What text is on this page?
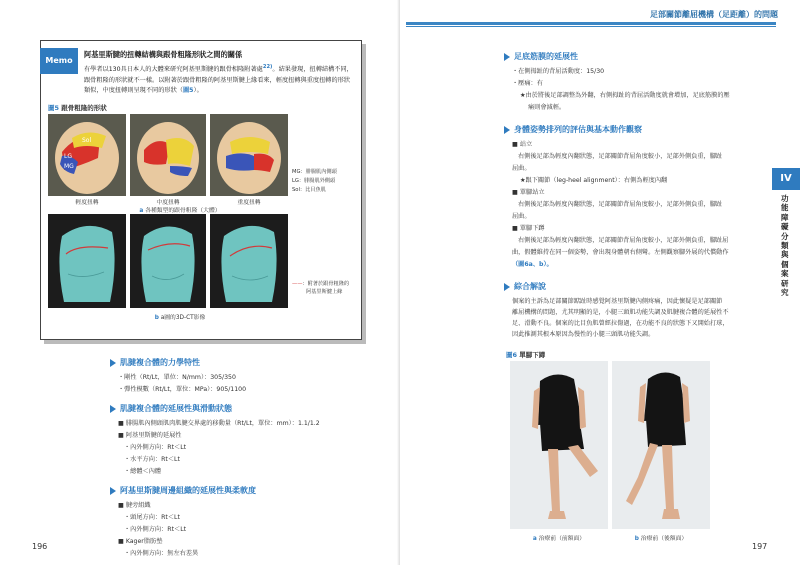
Memo
阿基里斯腱的扭轉結構與跟骨粗隆形狀之間的關係
有學者以130具日本人的大體來研究阿基里斯腱的跟骨相隆附著處$^{22)}$。結果發現，扭轉結構不同，跟骨粗隆的形狀就不一樣。以附著於跟骨粗隆的阿基里斯腱上緣看來，輕度扭轉與重度扭轉的形狀類似，中度扭轉則呈現不同的形狀（圖5）。
圖5 跟骨粗隆的形狀
Sol
LG
MG
輕度扭轉	中度扭轉	重度扭轉
MG：腓腸肌內側頭
LG：腓腸肌外側頭
Sol：比目魚肌
a 各種類型的跟骨粗隆（大體）
——：附著於跟骨粗隆的
阿基里斯腱上緣
b a圖的3D-CT影像
肌腱複合體的力學特性
・剛性（Rt/Lt，單位：N/mm）：305/350
・彈性模數（Rt/Lt，單位：MPa）：905/1100
肌腱複合體的延展性與滑動狀態
■ 腓腸肌內側頭肌肉肌腱交界處的移動量（Rt/Lt，單位：mm）：1.1/1.2
■ 阿基里斯腱的延展性
・內外側方向：Rt＜Lt
・水平方向：Rt＜Lt
・總體＜內體
阿基里斯腱周邊組織的延展性與柔軟度
■ 腱旁組織
・頭尾方向：Rt＜Lt
・內外側方向：Rt＜Lt
■ Kager脂肪墊
・內外側方向：無左右差異
196
足部關節離屈機構（足距離）的問題
足底筋膜的延展性
・在側拇趾的背屈活動度：15/30
・壓痛：有
★由於將後足部調整為外翻，右側拇趾的背屈活動度就會增加，足底筋膜的壓
痛則會減輕。
身體姿勢排列的評估與基本動作觀察
■ 站立
右側後足部為輕度內翻狀態，足部關節背屈角度較小，足部外側負重，腳趾
屈曲。
★跟下關節（leg-heel alignment）：右側為輕度內翻
■ 單腳站立
右側後足部為輕度內翻狀態，足部關節背屈角度較小，足部外側負重，腳趾
屈曲。
■ 單腳下蹲
右側後足部為輕度內翻狀態，足部關節背屈角度較小，足部外側負重，腳趾屈
曲，假體維持在同一個姿勢，會出現身體朝右側彎。左側觀察腳外展的代償動作
（圖6a、b）。
綜合解說
個案的主訴為足部關節踮趾時感覺阿基里斯腱內側疼痛，因此懷疑是足部關節
離屈機構的問題，尤其明顯的是，小腿三頭肌功能失調及肌腱複合體的延展性不
足、滑動不良。個案的比目魚肌曾經拉傷過，在功能不良的狀態下又開始打球，
因此推測其根本原因為慢性的小腿三頭肌功能失調。
圖6 單腳下蹲
a 治療前（前額面）	b 治療前（後額面）
197
IV
功能障礙分類與個案研究
